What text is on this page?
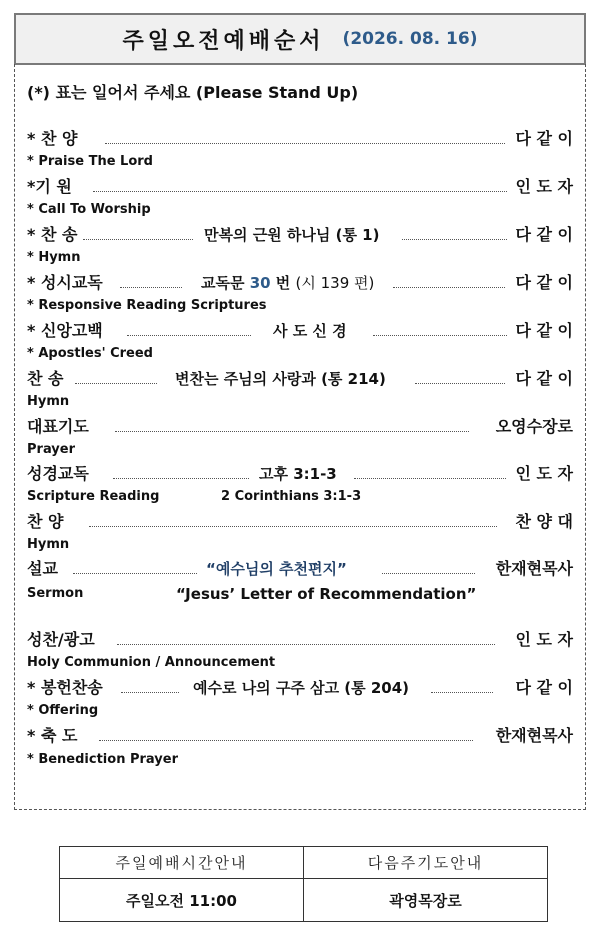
주일오전예배순서 (2026. 08. 16)
(*) 표는 일어서 주세요 (Please Stand Up)
* 찬 양	다 같 이
* Praise The Lord
*기 원	인 도 자
* Call To Worship
* 찬 송	만복의 근원 하나님 (통 1)	다 같 이
* Hymn
* 성시교독	교독문 30 번 (시 139 편)	다 같 이
* Responsive Reading Scriptures
* 신앙고백	사 도 신 경	다 같 이
* Apostles' Creed
찬 송	변찬는 주님의 사랑과 (통 214)	다 같 이
Hymn
대표기도	오영수장로
Prayer
성경교독	고후 3:1-3	인 도 자
Scripture Reading	2 Corinthians 3:1-3
찬 양	찬 양 대
Hymn
설교	“예수님의 추천편지”	한재현목사
Sermon	“Jesus’ Letter of Recommendation”
성찬/광고	인 도 자
Holy Communion / Announcement
* 봉헌찬송	예수로 나의 구주 삼고 (통 204)	다 같 이
* Offering
* 축 도	한재현목사
* Benediction Prayer
주일예배시간안내	다음주기도안내
주일오전 11:00	곽영목장로
